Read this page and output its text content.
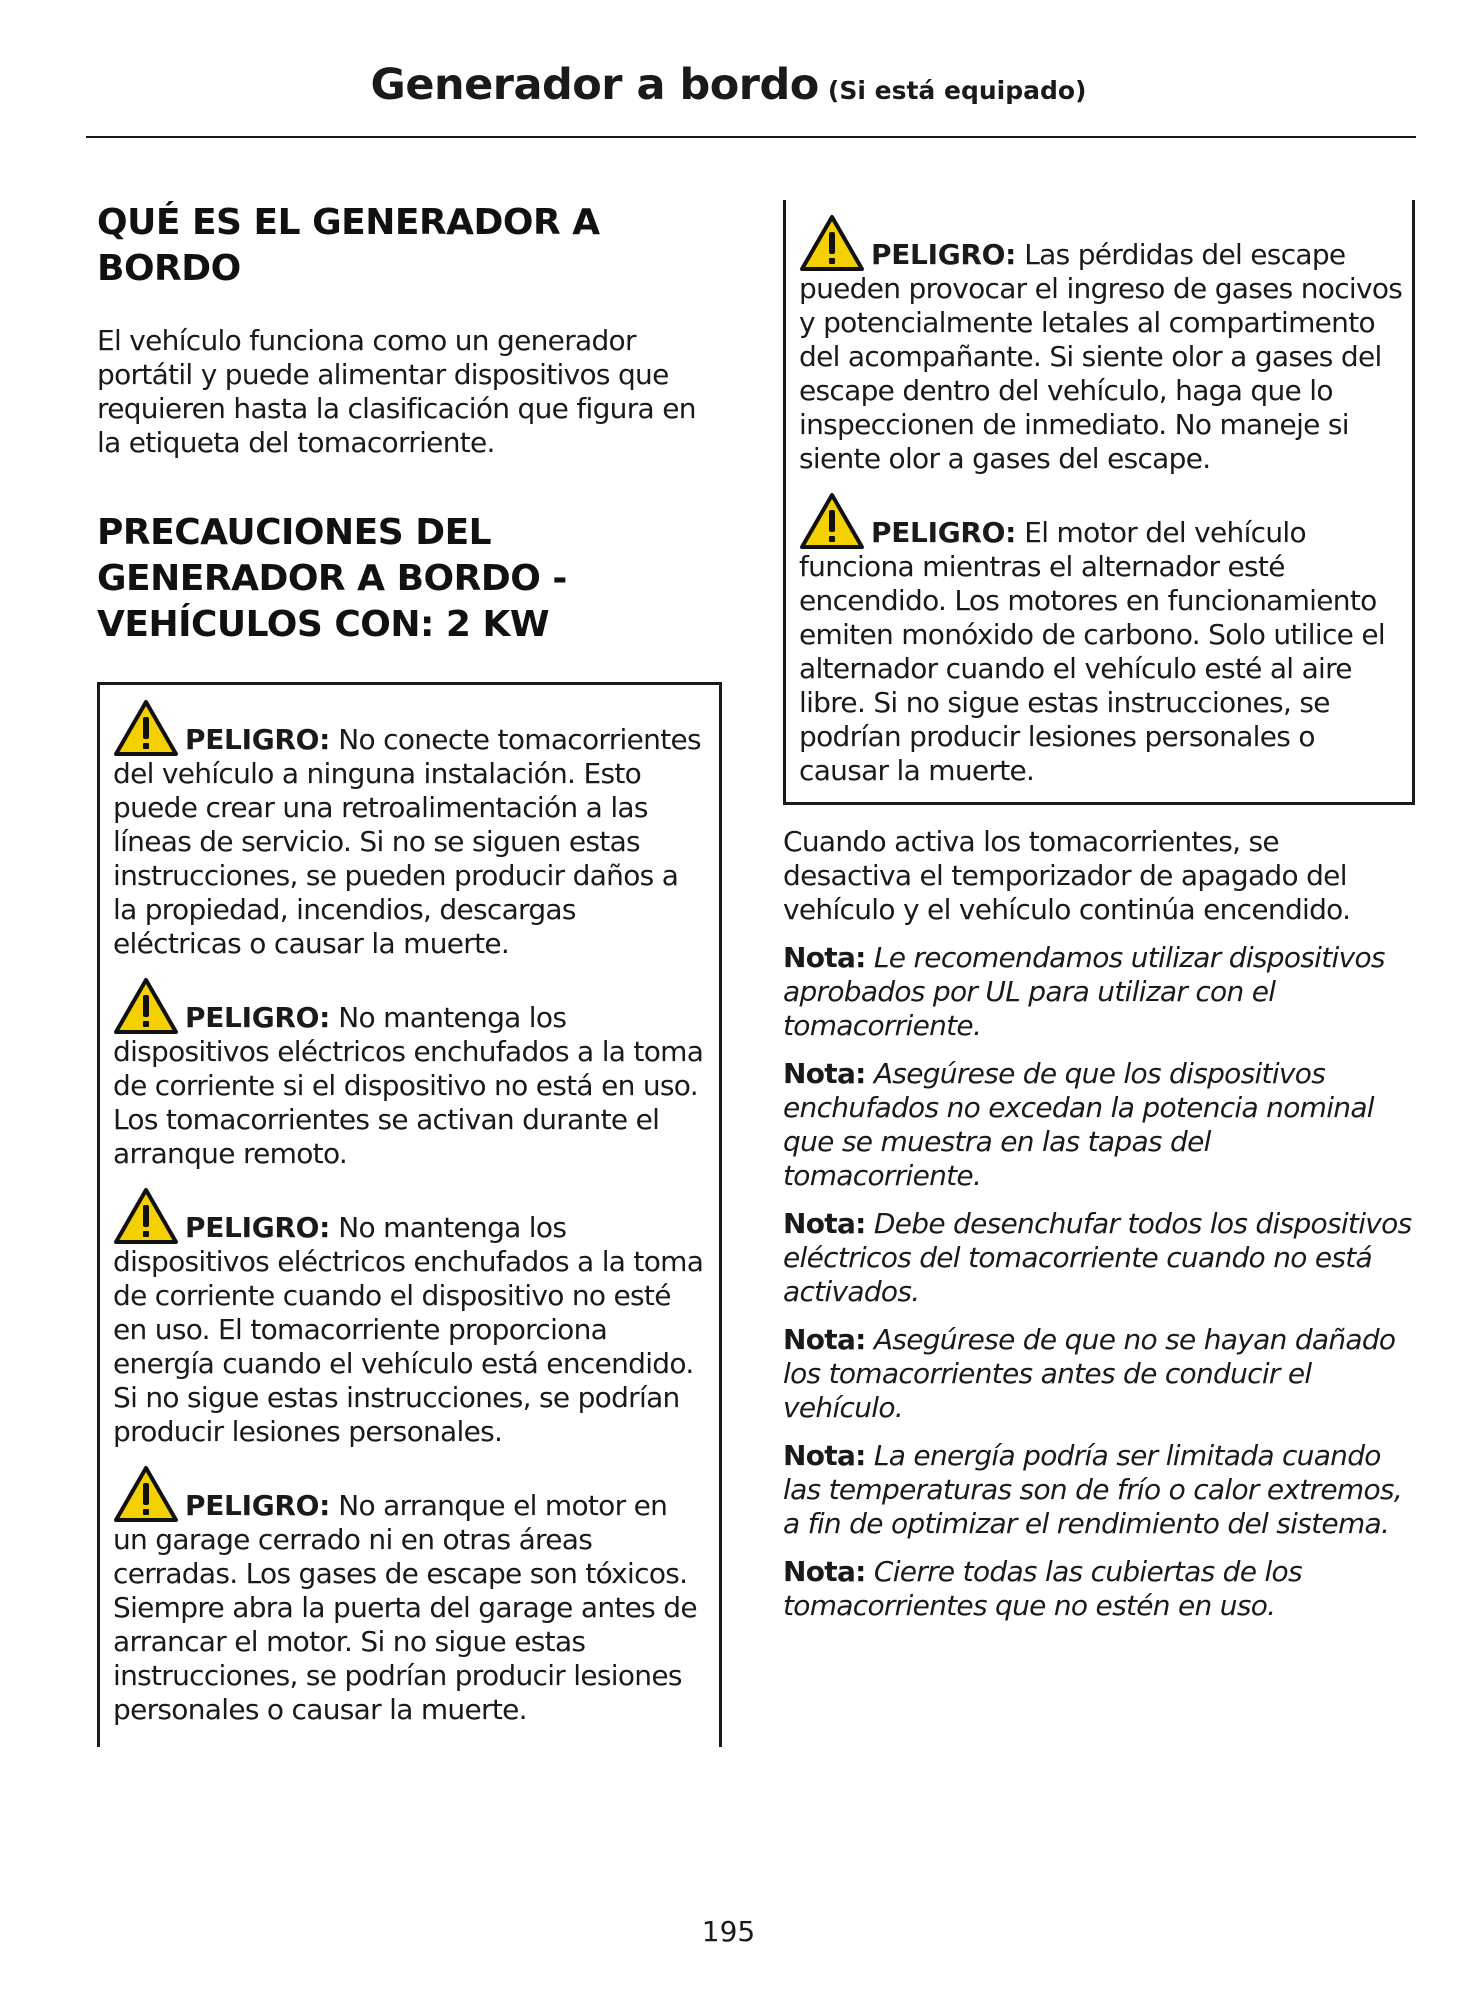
Generador a bordo (Si está equipado)
QUÉ ES EL GENERADOR A BORDO

El vehículo funciona como un generador portátil y puede alimentar dispositivos que requieren hasta la clasificación que figura en la etiqueta del tomacorriente.

PRECAUCIONES DEL GENERADOR A BORDO - VEHÍCULOS CON: 2 KW
PELIGRO: No conecte tomacorrientes del vehículo a ninguna instalación. Esto puede crear una retroalimentación a las líneas de servicio. Si no se siguen estas instrucciones, se pueden producir daños a la propiedad, incendios, descargas eléctricas o causar la muerte.
PELIGRO: No mantenga los dispositivos eléctricos enchufados a la toma de corriente si el dispositivo no está en uso. Los tomacorrientes se activan durante el arranque remoto.
PELIGRO: No mantenga los dispositivos eléctricos enchufados a la toma de corriente cuando el dispositivo no esté en uso. El tomacorriente proporciona energía cuando el vehículo está encendido. Si no sigue estas instrucciones, se podrían producir lesiones personales.
PELIGRO: No arranque el motor en un garage cerrado ni en otras áreas cerradas. Los gases de escape son tóxicos. Siempre abra la puerta del garage antes de arrancar el motor. Si no sigue estas instrucciones, se podrían producir lesiones personales o causar la muerte.
PELIGRO: Las pérdidas del escape pueden provocar el ingreso de gases nocivos y potencialmente letales al compartimento del acompañante. Si siente olor a gases del escape dentro del vehículo, haga que lo inspeccionen de inmediato. No maneje si siente olor a gases del escape.
PELIGRO: El motor del vehículo funciona mientras el alternador esté encendido. Los motores en funcionamiento emiten monóxido de carbono. Solo utilice el alternador cuando el vehículo esté al aire libre. Si no sigue estas instrucciones, se podrían producir lesiones personales o causar la muerte.

Cuando activa los tomacorrientes, se desactiva el temporizador de apagado del vehículo y el vehículo continúa encendido.

Nota: Le recomendamos utilizar dispositivos aprobados por UL para utilizar con el tomacorriente.
Nota: Asegúrese de que los dispositivos enchufados no excedan la potencia nominal que se muestra en las tapas del tomacorriente.
Nota: Debe desenchufar todos los dispositivos eléctricos del tomacorriente cuando no está activados.
Nota: Asegúrese de que no se hayan dañado los tomacorrientes antes de conducir el vehículo.
Nota: La energía podría ser limitada cuando las temperaturas son de frío o calor extremos, a fin de optimizar el rendimiento del sistema.
Nota: Cierre todas las cubiertas de los tomacorrientes que no estén en uso.
195
